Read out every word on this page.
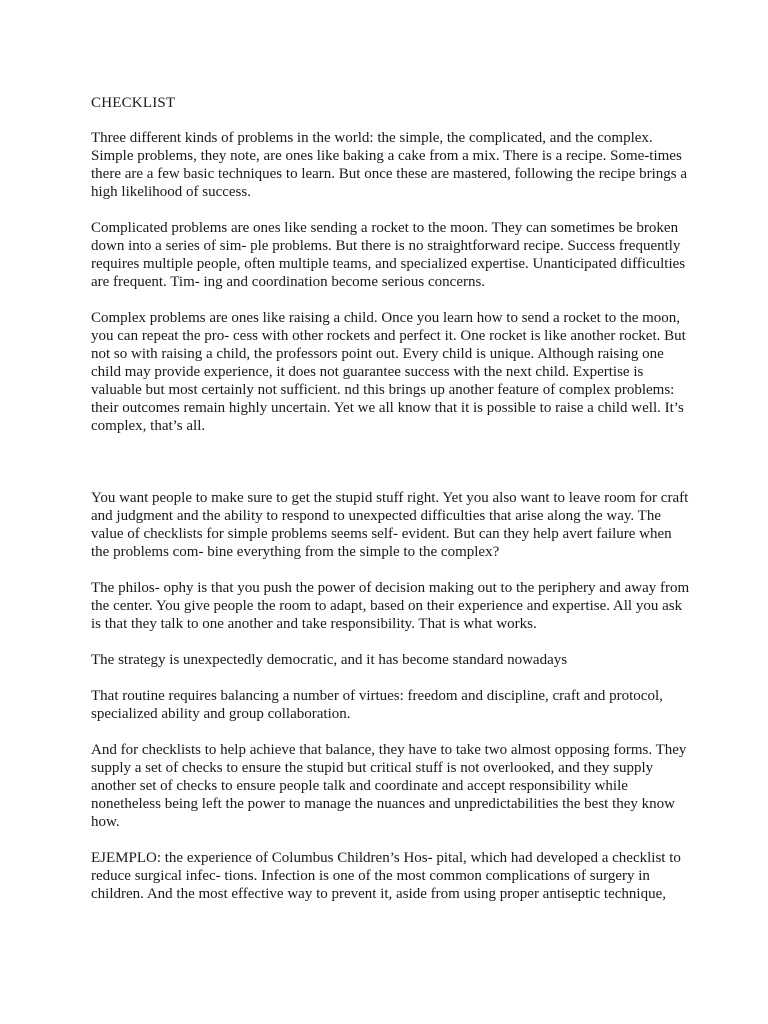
CHECKLIST

Three different kinds of problems in the world: the simple, the complicated, and the complex. Simple problems, they note, are ones like baking a cake from a mix. There is a recipe. Some-times there are a few basic techniques to learn. But once these are mastered, following the recipe brings a high likelihood of success.

Complicated problems are ones like sending a rocket to the moon. They can sometimes be broken down into a series of sim- ple problems. But there is no straightforward recipe. Success frequently requires multiple people, often multiple teams, and specialized expertise. Unanticipated difficulties are frequent. Tim- ing and coordination become serious concerns.

Complex problems are ones like raising a child. Once you learn how to send a rocket to the moon, you can repeat the pro- cess with other rockets and perfect it. One rocket is like another rocket. But not so with raising a child, the professors point out. Every child is unique. Although raising one child may provide experience, it does not guarantee success with the next child. Expertise is valuable but most certainly not sufficient. nd this brings up another feature of complex problems: their outcomes remain highly uncertain. Yet we all know that it is possible to raise a child well. It’s complex, that’s all.

You want people to make sure to get the stupid stuff right. Yet you also want to leave room for craft and judgment and the ability to respond to unexpected difficulties that arise along the way. The value of checklists for simple problems seems self- evident. But can they help avert failure when the problems com- bine everything from the simple to the complex?

The philos- ophy is that you push the power of decision making out to the periphery and away from the center. You give people the room to adapt, based on their experience and expertise. All you ask is that they talk to one another and take responsibility. That is what works.

The strategy is unexpectedly democratic, and it has become standard nowadays

That routine requires balancing a number of virtues: freedom and discipline, craft and protocol, specialized ability and group collaboration.

And for checklists to help achieve that balance, they have to take two almost opposing forms. They supply a set of checks to ensure the stupid but critical stuff is not overlooked, and they supply another set of checks to ensure people talk and coordinate and accept responsibility while nonetheless being left the power to manage the nuances and unpredictabilities the best they know how.

EJEMPLO: the experience of Columbus Children’s Hos- pital, which had developed a checklist to reduce surgical infec- tions. Infection is one of the most common complications of surgery in children. And the most effective way to prevent it, aside from using proper antiseptic technique,
